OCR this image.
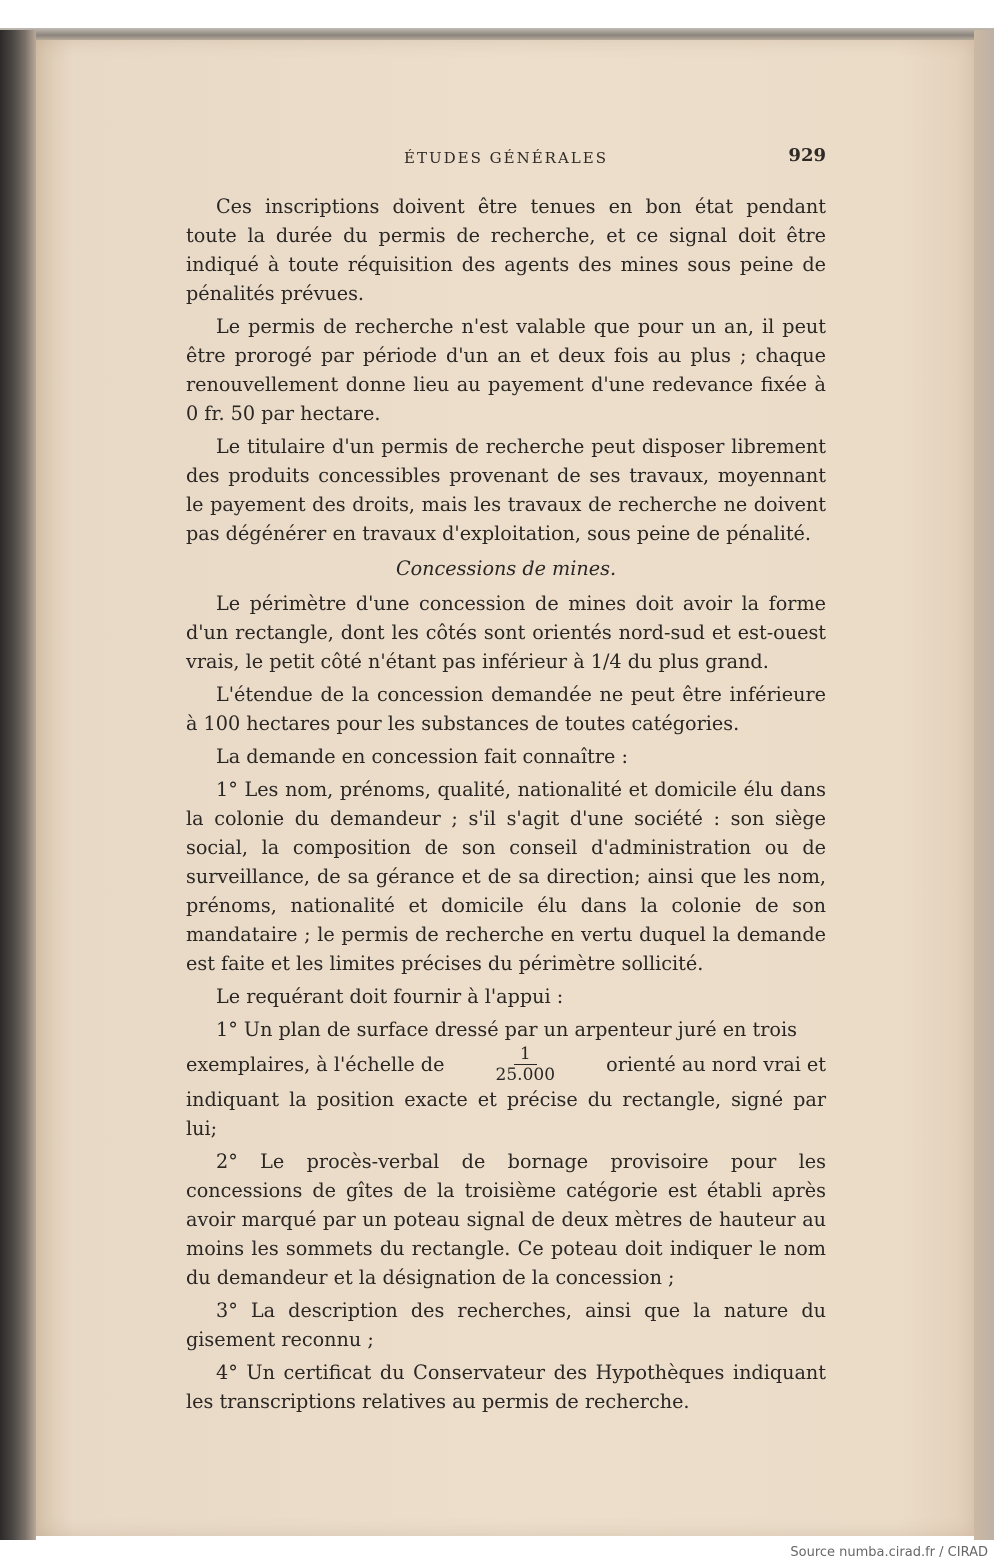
ÉTUDES GÉNÉRALES	929

Ces inscriptions doivent être tenues en bon état pendant toute la durée du permis de recherche, et ce signal doit être indiqué à toute réquisition des agents des mines sous peine de pénalités prévues.

Le permis de recherche n'est valable que pour un an, il peut être prorogé par période d'un an et deux fois au plus ; chaque renouvellement donne lieu au payement d'une redevance fixée à 0 fr. 50 par hectare.

Le titulaire d'un permis de recherche peut disposer librement des produits concessibles provenant de ses travaux, moyennant le payement des droits, mais les travaux de recherche ne doivent pas dégénérer en travaux d'exploitation, sous peine de pénalité.

Concessions de mines.

Le périmètre d'une concession de mines doit avoir la forme d'un rectangle, dont les côtés sont orientés nord-sud et est-ouest vrais, le petit côté n'étant pas inférieur à 1/4 du plus grand.

L'étendue de la concession demandée ne peut être inférieure à 100 hectares pour les substances de toutes catégories.

La demande en concession fait connaître :

1° Les nom, prénoms, qualité, nationalité et domicile élu dans la colonie du demandeur ; s'il s'agit d'une société : son siège social, la composition de son conseil d'administration ou de surveillance, de sa gérance et de sa direction; ainsi que les nom, prénoms, nationalité et domicile élu dans la colonie de son mandataire ; le permis de recherche en vertu duquel la demande est faite et les limites précises du périmètre sollicité.

Le requérant doit fournir à l'appui :

1° Un plan de surface dressé par un arpenteur juré en trois
exemplaires, à l'échelle de	$\frac{1}{25.000}$	orienté au nord vrai et
indiquant la position exacte et précise du rectangle, signé par lui;

2° Le procès-verbal de bornage provisoire pour les concessions de gîtes de la troisième catégorie est établi après avoir marqué par un poteau signal de deux mètres de hauteur au moins les sommets du rectangle. Ce poteau doit indiquer le nom du demandeur et la désignation de la concession ;

3° La description des recherches, ainsi que la nature du gisement reconnu ;

4° Un certificat du Conservateur des Hypothèques indiquant les transcriptions relatives au permis de recherche.

Source numba.cirad.fr / CIRAD
